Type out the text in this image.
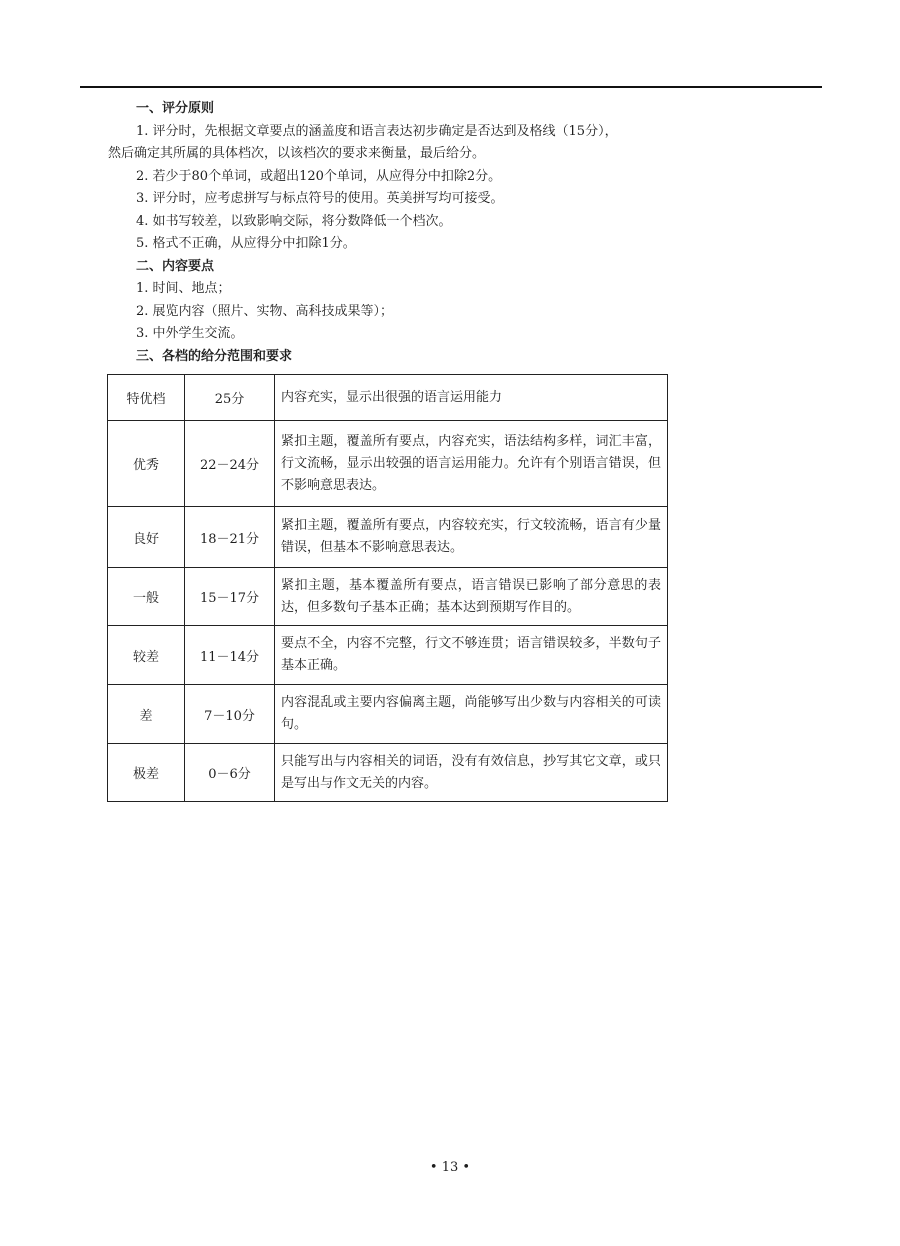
一、评分原则
1. 评分时，先根据文章要点的涵盖度和语言表达初步确定是否达到及格线（15分），
然后确定其所属的具体档次，以该档次的要求来衡量，最后给分。
2. 若少于80个单词，或超出120个单词，从应得分中扣除2分。
3. 评分时，应考虑拼写与标点符号的使用。英美拼写均可接受。
4. 如书写较差，以致影响交际，将分数降低一个档次。
5. 格式不正确，从应得分中扣除1分。
二、内容要点
1. 时间、地点；
2. 展览内容（照片、实物、高科技成果等）；
3. 中外学生交流。
三、各档的给分范围和要求
特优档	25分	内容充实，显示出很强的语言运用能力
优秀	22－24分	紧扣主题，覆盖所有要点，内容充实，语法结构多样，词汇丰富，行文流畅，显示出较强的语言运用能力。允许有个别语言错误，但不影响意思表达。
良好	18－21分	紧扣主题，覆盖所有要点，内容较充实，行文较流畅，语言有少量错误，但基本不影响意思表达。
一般	15－17分	紧扣主题，基本覆盖所有要点，语言错误已影响了部分意思的表达，但多数句子基本正确；基本达到预期写作目的。
较差	11－14分	要点不全，内容不完整，行文不够连贯；语言错误较多，半数句子基本正确。
差	7－10分	内容混乱或主要内容偏离主题，尚能够写出少数与内容相关的可读句。
极差	0－6分	只能写出与内容相关的词语，没有有效信息，抄写其它文章，或只是写出与作文无关的内容。
• 13 •
